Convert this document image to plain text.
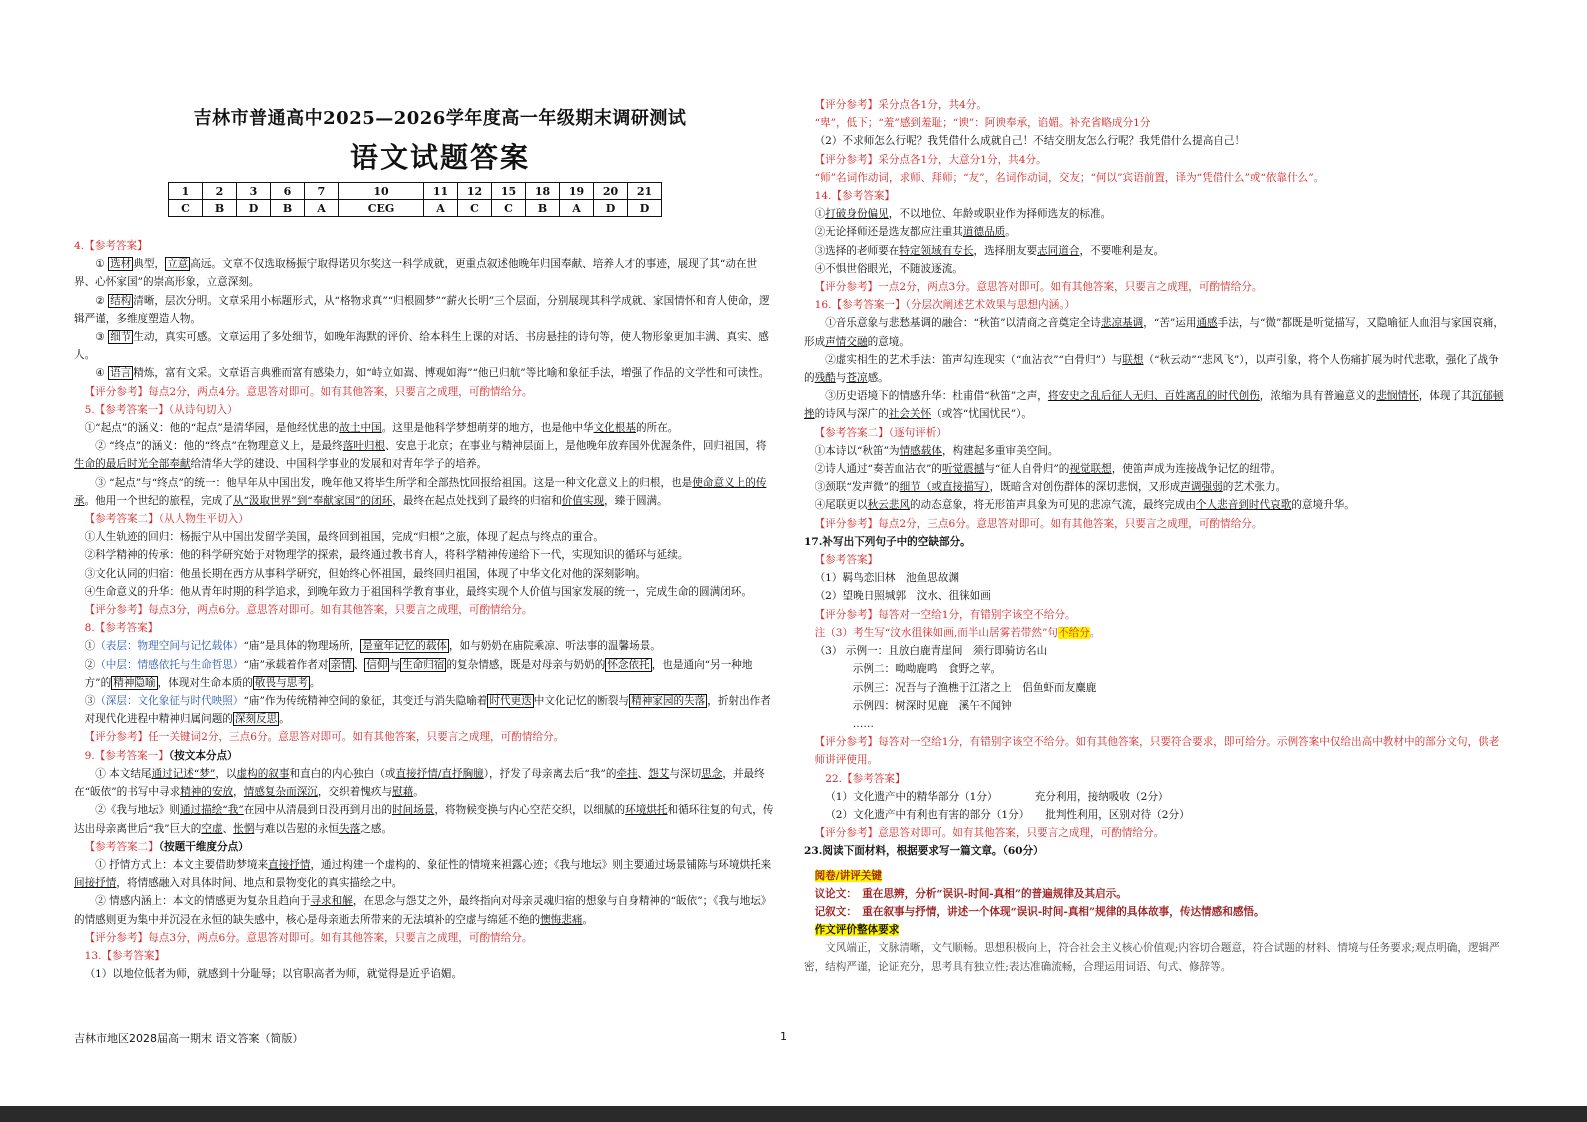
吉林市普通高中2025—2026学年度高一年级期末调研测试
语文试题答案
1	2	3	6	7	10	11	12	15	18	19	20	21
C	B	D	B	A	CEG	A	C	C	B	A	D	D

4.【参考答案】

① 选材 典型， 立意 高远。文章不仅选取杨振宁取得诺贝尔奖这一科学成就，更重点叙述他晚年归国奉献、培养人才的事迹，展现了其“动在世界、心怀家国”的崇高形象，立意深刻。

② 结构 清晰，层次分明。文章采用小标题形式，从“格物求真”“归根圆梦”“薪火长明”三个层面，分别展现其科学成就、家国情怀和育人使命，逻辑严谨，多维度塑造人物。

③ 细节 生动，真实可感。文章运用了多处细节，如晚年海默的评价、给本科生上课的对话、书房悬挂的诗句等，使人物形象更加丰满、真实、感人。

④ 语言 精炼，富有文采。文章语言典雅而富有感染力，如“峙立如嵩、博观如海”“他已归航”等比喻和象征手法，增强了作品的文学性和可读性。

【评分参考】每点2分，两点4分。意思答对即可。如有其他答案，只要言之成理，可酌情给分。

5.【参考答案一】（从诗句切入）

①“起点”的涵义：他的“起点”是清华园，是他经忧患的故土中国。这里是他科学梦想萌芽的地方，也是他中华文化根基的所在。

② “终点”的涵义：他的“终点”在物理意义上，是最终落叶归根、安息于北京；在事业与精神层面上，是他晚年放弃国外优渥条件，回归祖国，将生命的最后时光全部奉献给清华大学的建设、中国科学事业的发展和对青年学子的培养。

③ “起点”与“终点”的统一：他早年从中国出发，晚年他又将毕生所学和全部热忱回报给祖国。这是一种文化意义上的归根，也是使命意义上的传承。他用一个世纪的旅程，完成了从“汲取世界”到“奉献家国”的闭环，最终在起点处找到了最终的归宿和价值实现，臻于圆满。

【参考答案二】（从人物生平切入）

①人生轨迹的回归：杨振宁从中国出发留学美国，最终回到祖国，完成“归根”之旅，体现了起点与终点的重合。

②科学精神的传承：他的科学研究始于对物理学的探索，最终通过教书育人，将科学精神传递给下一代，实现知识的循环与延续。

③文化认同的归宿：他虽长期在西方从事科学研究，但始终心怀祖国，最终回归祖国，体现了中华文化对他的深刻影响。

④生命意义的升华：他从青年时期的科学追求，到晚年致力于祖国科学教育事业，最终实现个人价值与国家发展的统一，完成生命的圆满闭环。

【评分参考】每点3分，两点6分。意思答对即可。如有其他答案，只要言之成理，可酌情给分。

8.【参考答案】

①（表层：物理空间与记忆载体）“庙”是具体的物理场所， 是童年记忆的载体 ，如与奶奶在庙院乘凉、听法事的温馨场景。

②（中层：情感依托与生命哲思）“庙”承载着作者对 亲情 、 信仰 与 生命归宿 的复杂情感，既是对母亲与奶奶的 怀念依托 ，也是通向“另一种地方”的 精神隐喻 ，体现对生命本质的 敬畏与思考 。

③（深层：文化象征与时代映照）“庙”作为传统精神空间的象征，其变迁与消失隐喻着 时代更迭 中文化记忆的断裂与 精神家园的失落 ，折射出作者对现代化进程中精神归属问题的 深刻反思 。

【评分参考】任一关键词2分，三点6分。意思答对即可。如有其他答案，只要言之成理，可酌情给分。

9.【参考答案一】（按文本分点）

① 本文结尾通过记述“梦”，以虚构的叙事和直白的内心独白（或直接抒情/直抒胸臆），抒发了母亲离去后“我”的牵挂、怨艾与深切思念，并最终在“皈依”的书写中寻求精神的安放，情感复杂而深沉，交织着愧疚与慰藉。

②《我与地坛》则通过描绘“我”在园中从清晨到日没再到月出的时间场景，将物候变换与内心空茫交织，以细腻的环境烘托和循环往复的句式，传达出母亲离世后“我”巨大的空虚、怅惘与难以告慰的永恒失落之感。

【参考答案二】（按题干维度分点）

① 抒情方式上：本文主要借助梦境来直接抒情，通过构建一个虚构的、象征性的情境来袒露心迹；《我与地坛》则主要通过场景铺陈与环境烘托来间接抒情，将情感融入对具体时间、地点和景物变化的真实描绘之中。

② 情感内涵上：本文的情感更为复杂且趋向于寻求和解，在思念与怨艾之外，最终指向对母亲灵魂归宿的想象与自身精神的“皈依”；《我与地坛》的情感则更为集中并沉浸在永恒的缺失感中，核心是母亲逝去所带来的无法填补的空虚与绵延不绝的懊悔悲痛。

【评分参考】每点3分，两点6分。意思答对即可。如有其他答案，只要言之成理，可酌情给分。

13.【参考答案】

（1）以地位低者为师，就感到十分耻辱；以官职高者为师，就觉得是近乎谄媚。

【评分参考】采分点各1分，共4分。

“卑”，低下；“羞”感到羞耻；“谀”：阿谀奉承，谄媚。补充省略成分1分

（2）不求师怎么行呢？我凭借什么成就自己！不结交朋友怎么行呢？我凭借什么提高自己！

【评分参考】采分点各1分，大意分1分，共4分。

“师”名词作动词，求师、拜师；“友”，名词作动词，交友；“何以”宾语前置，译为“凭借什么”或“依靠什么”。

14.【参考答案】

①打破身份偏见，不以地位、年龄或职业作为择师选友的标准。

②无论择师还是选友都应注重其道德品质。

③选择的老师要在特定领域有专长，选择朋友要志同道合，不要唯利是友。

④不惧世俗眼光，不随波逐流。

【评分参考】一点2分，两点3分。意思答对即可。如有其他答案，只要言之成理，可酌情给分。

16.【参考答案一】（分层次阐述艺术效果与思想内涵。）

①音乐意象与悲愁基调的融合：“秋笛”以清商之音奠定全诗悲凉基调，“苦”运用通感手法，与“微”都既是听觉描写，又隐喻征人血泪与家国哀痛，形成声情交融的意境。

②虚实相生的艺术手法：笛声勾连现实（“血沾衣”“白骨归”）与联想（“秋云动”“悲风飞”），以声引象，将个人伤痛扩展为时代悲歌，强化了战争的残酷与苍凉感。

③历史语境下的情感升华：杜甫借“秋笛”之声，将安史之乱后征人无归、百姓离乱的时代创伤，浓缩为具有普遍意义的悲悯情怀，体现了其沉郁顿挫的诗风与深广的社会关怀（或答“忧国忧民”）。

【参考答案二】（逐句评析）

①本诗以“秋笛”为情感载体，构建起多重审美空间。

②诗人通过“奏苦血沾衣”的听觉震撼与“征人自骨归”的视觉联想，使笛声成为连接战争记忆的纽带。

③颈联“发声微”的细节（或直接描写），既暗含对创伤群体的深切悲悯，又形成声调强弱的艺术张力。

④尾联更以秋云悲风的动态意象，将无形笛声具象为可见的悲凉气流，最终完成由个人悲音到时代哀歌的意境升华。

【评分参考】每点2分，三点6分。意思答对即可。如有其他答案，只要言之成理，可酌情给分。

17.补写出下列句子中的空缺部分。

【参考答案】

（1）羁鸟恋旧林　池鱼思故渊

（2）望晚日照城郭　汶水、徂徕如画

【评分参考】每答对一空给1分，有错别字该空不给分。

注（3）考生写“汶水徂徕如画,而半山居雾若带然”句不给分。

（3） 示例一：且放白鹿青崖间　须行即骑访名山

示例二：呦呦鹿鸣　食野之苹。

示例三：况吾与子渔樵于江渚之上　侣鱼虾而友麋鹿

示例四：树深时见鹿　溪午不闻钟

……

【评分参考】每答对一空给1分，有错别字该空不给分。如有其他答案，只要符合要求，即可给分。示例答案中仅给出高中教材中的部分文句，供老师讲评使用。

22.【参考答案】

（1）文化遗产中的精华部分（1分）　　　　充分利用，接纳吸收（2分）

（2）文化遗产中有利也有害的部分（1分）　　批判性利用，区别对待（2分）

【评分参考】意思答对即可。如有其他答案，只要言之成理，可酌情给分。

23.阅读下面材料，根据要求写一篇文章。（60分）

阅卷/讲评关键

议论文：　重在思辨，分析“误识-时间-真相”的普遍规律及其启示。

记叙文：　重在叙事与抒情，讲述一个体现“误识-时间-真相”规律的具体故事，传达情感和感悟。

作文评价整体要求

文风端正，文脉清晰，文气顺畅。思想积极向上，符合社会主义核心价值观;内容切合题意，符合试题的材料、情境与任务要求;观点明确，逻辑严密，结构严谨，论证充分，思考具有独立性;表达准确流畅，合理运用词语、句式、修辞等。

吉林市地区2028届高一期末 语文答案（简版）	1
